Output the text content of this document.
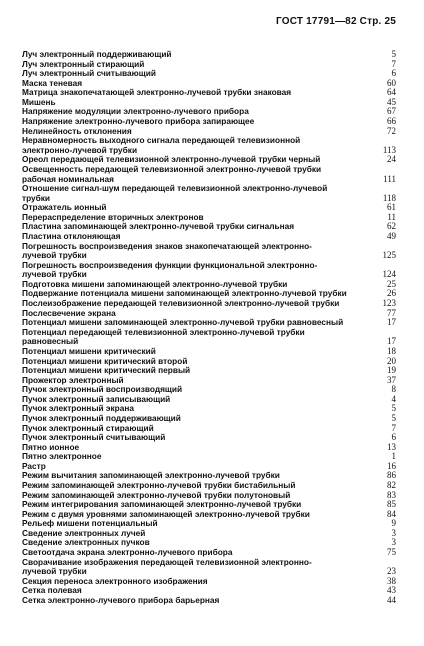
ГОСТ 17791—82 Стр. 25
Луч электронный поддерживающий	5
Луч электронный стирающий	7
Луч электронный считывающий	6
Маска теневая	60
Матрица знакопечатающей электронно-лучевой трубки знаковая	64
Мишень	45
Напряжение модуляции электронно-лучевого прибора	67
Напряжение электронно-лучевого прибора запирающее	66
Нелинейность отклонения	72
Неравномерность выходного сигнала передающей телевизионной
электронно-лучевой трубки	113
Ореол передающей телевизионной электронно-лучевой трубки черный	24
Освещенность передающей телевизионной электронно-лучевой трубки
рабочая номинальная	111
Отношение сигнал-шум передающей телевизионной электронно-лучевой
трубки	118
Отражатель ионный	61
Перераспределение вторичных электронов	11
Пластина запоминающей электронно-лучевой трубки сигнальная	62
Пластина отклоняющая	49
Погрешность воспроизведения знаков знакопечатающей электронно-
лучевой трубки	125
Погрешность воспроизведения функции функциональной электронно-
лучевой трубки	124
Подготовка мишени запоминающей электронно-лучевой трубки	25
Подвержание потенциала мишени запоминающей электронно-лучевой трубки	26
Послеизображение передающей телевизионной электронно-лучевой трубки	123
Послесвечение экрана	77
Потенциал мишени запоминающей электронно-лучевой трубки равновесный	17
Потенциал передающей телевизионной электронно-лучевой трубки
равновесный	17
Потенциал мишени критический	18
Потенциал мишени критический второй	20
Потенциал мишени критический первый	19
Прожектор электронный	37
Пучок электронный воспроизводящий	8
Пучок электронный записывающий	4
Пучок электронный экрана	5
Пучок электронный поддерживающий	5
Пучок электронный стирающий	7
Пучок электронный считывающий	6
Пятно ионное	13
Пятно электронное	1
Растр	16
Режим вычитания запоминающей электронно-лучевой трубки	86
Режим запоминающей электронно-лучевой трубки бистабильный	82
Режим запоминающей электронно-лучевой трубки полутоновый	83
Режим интегрирования запоминающей электронно-лучевой трубки	85
Режим с двумя уровнями запоминающей электронно-лучевой трубки	84
Рельеф мишени потенциальный	9
Сведение электронных лучей	3
Сведение электронных пучков	3
Светоотдача экрана электронно-лучевого прибора	75
Сворачивание изображения передающей телевизионной электронно-
лучевой трубки	23
Секция переноса электронного изображения	38
Сетка полевая	43
Сетка электронно-лучевого прибора барьерная	44
